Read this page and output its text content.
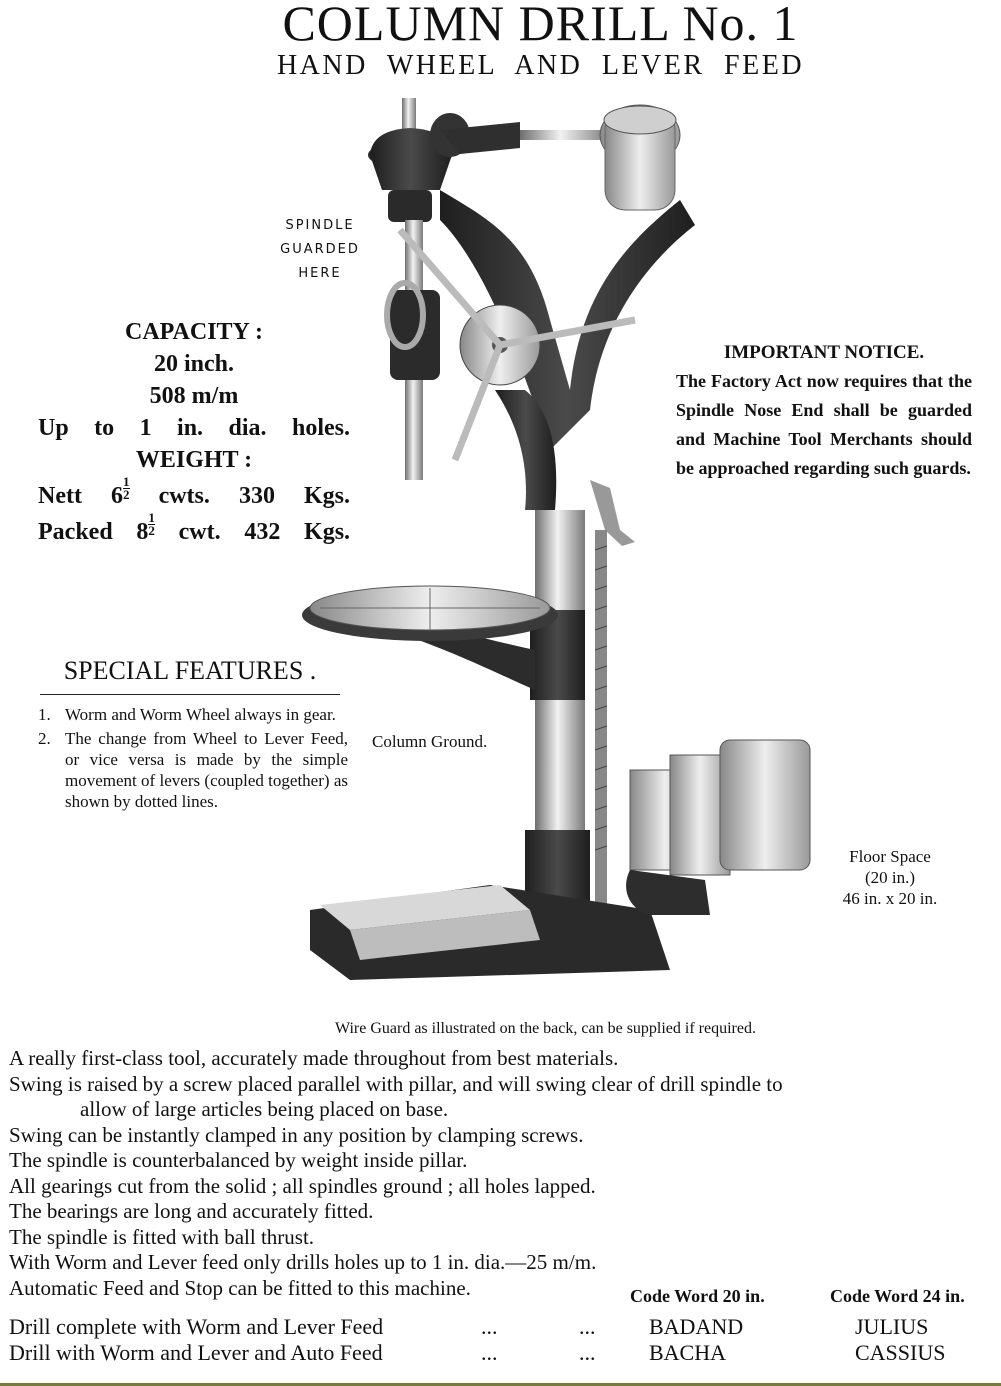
COLUMN DRILL No. 1
HAND WHEEL AND LEVER FEED
SPINDLE
GUARDED
HERE
CAPACITY :
20 inch.
508 m/m
Up to 1 in. dia. holes.
WEIGHT :
Nett $6 \frac{1}{2}$ cwts. 330 Kgs.
Packed $8 \frac{1}{2}$ cwt. 432 Kgs.
IMPORTANT NOTICE.
The Factory Act now requires that the Spindle Nose End shall be guarded and Machine Tool Merchants should be approached regarding such guards.
SPECIAL FEATURES .
1. Worm and Worm Wheel always in gear.
2. The change from Wheel to Lever Feed, or vice versa is made by the simple movement of levers (coupled together) as shown by dotted lines.
Column Ground.
Floor Space
(20 in.)
46 in. x 20 in.
Wire Guard as illustrated on the back, can be supplied if required.
A really first-class tool, accurately made throughout from best materials.
Swing is raised by a screw placed parallel with pillar, and will swing clear of drill spindle to
allow of large articles being placed on base.
Swing can be instantly clamped in any position by clamping screws.
The spindle is counterbalanced by weight inside pillar.
All gearings cut from the solid ; all spindles ground ; all holes lapped.
The bearings are long and accurately fitted.
The spindle is fitted with ball thrust.
With Worm and Lever feed only drills holes up to 1 in. dia.—25 m/m.
Automatic Feed and Stop can be fitted to this machine.	Code Word 20 in.	Code Word 24 in.
Drill complete with Worm and Lever Feed	...	... BADAND	JULIUS
Drill with Worm and Lever and Auto Feed	...	... BACHA	CASSIUS
